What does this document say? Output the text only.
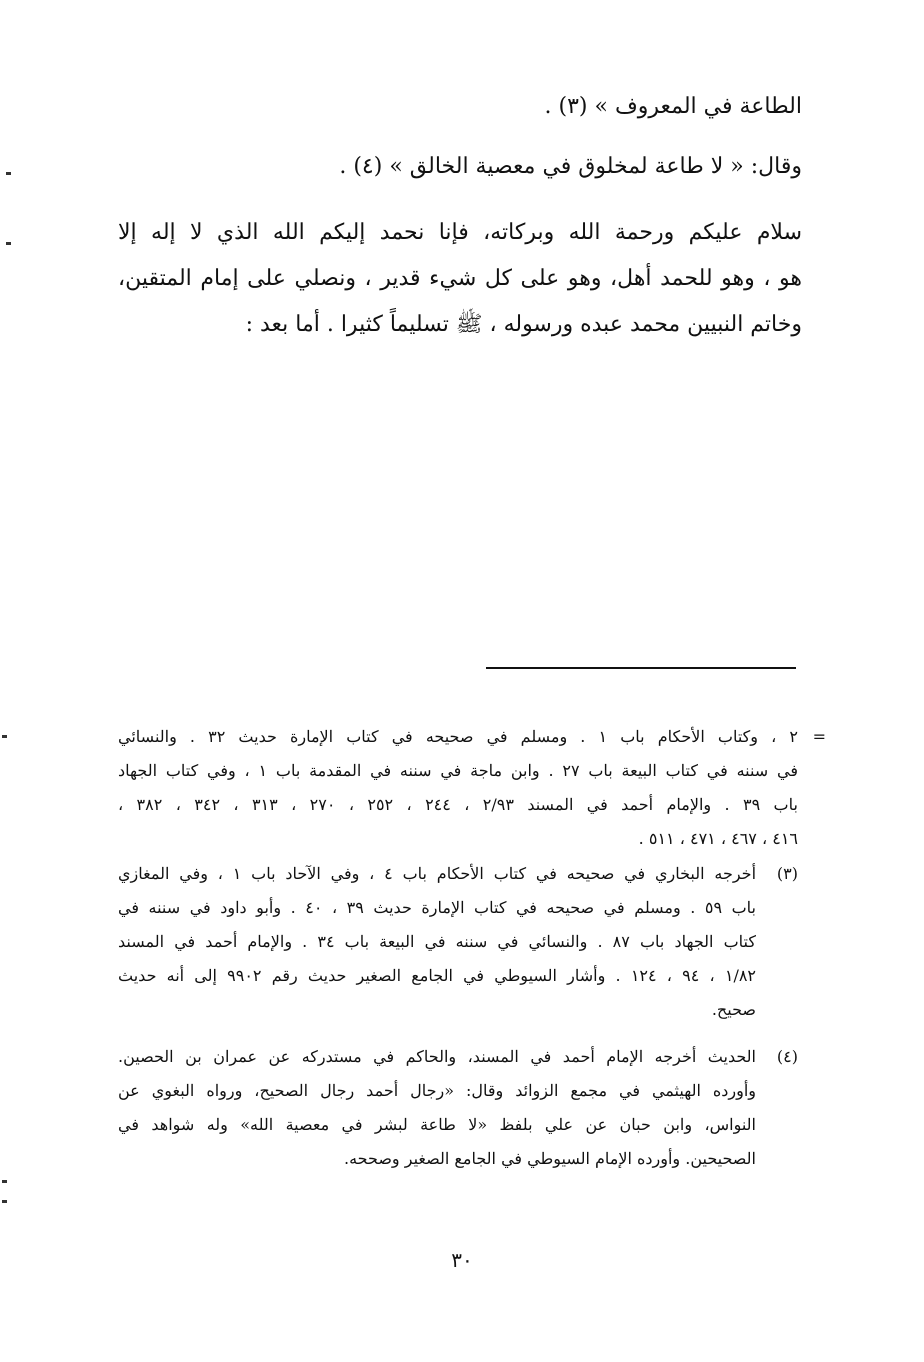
الطاعة في المعروف » (٣) .

وقال: « لا طاعة لمخلوق في معصية الخالق » (٤) .

سلام عليكم ورحمة الله وبركاته، فإنا نحمد إليكم الله الذي لا إله إلا
هو ، وهو للحمد أهل، وهو على كل شيء قدير ، ونصلي على إمام المتقين،
وخاتم النبيين محمد عبده ورسوله ، ﷺ تسليماً كثيرا . أما بعد :
=
٢ ، وكتاب الأحكام باب ١ . ومسلم في صحيحه في كتاب الإمارة حديث ٣٢ . والنسائي
في سننه في كتاب البيعة باب ٢٧ . وابن ماجة في سننه في المقدمة باب ١ ، وفي كتاب الجهاد
باب ٣٩ . والإمام أحمد في المسند ٢/٩٣ ، ٢٤٤ ، ٢٥٢ ، ٢٧٠ ، ٣١٣ ، ٣٤٢ ، ٣٨٢ ،
٤١٦ ، ٤٦٧ ، ٤٧١ ، ٥١١ .
(٣)
أخرجه البخاري في صحيحه في كتاب الأحكام باب ٤ ، وفي الآحاد باب ١ ، وفي المغازي
باب ٥٩ . ومسلم في صحيحه في كتاب الإمارة حديث ٣٩ ، ٤٠ . وأبو داود في سننه في
كتاب الجهاد باب ٨٧ . والنسائي في سننه في البيعة باب ٣٤ . والإمام أحمد في المسند
١/٨٢ ، ٩٤ ، ١٢٤ . وأشار السيوطي في الجامع الصغير حديث رقم ٩٩٠٢ إلى أنه حديث
صحيح.
(٤)
الحديث أخرجه الإمام أحمد في المسند، والحاكم في مستدركه عن عمران بن الحصين.
وأورده الهيثمي في مجمع الزوائد وقال: «رجال أحمد رجال الصحيح، ورواه البغوي عن
النواس، وابن حبان عن علي بلفظ «لا طاعة لبشر في معصية الله» وله شواهد في
الصحيحين. وأورده الإمام السيوطي في الجامع الصغير وصححه.
٣٠
